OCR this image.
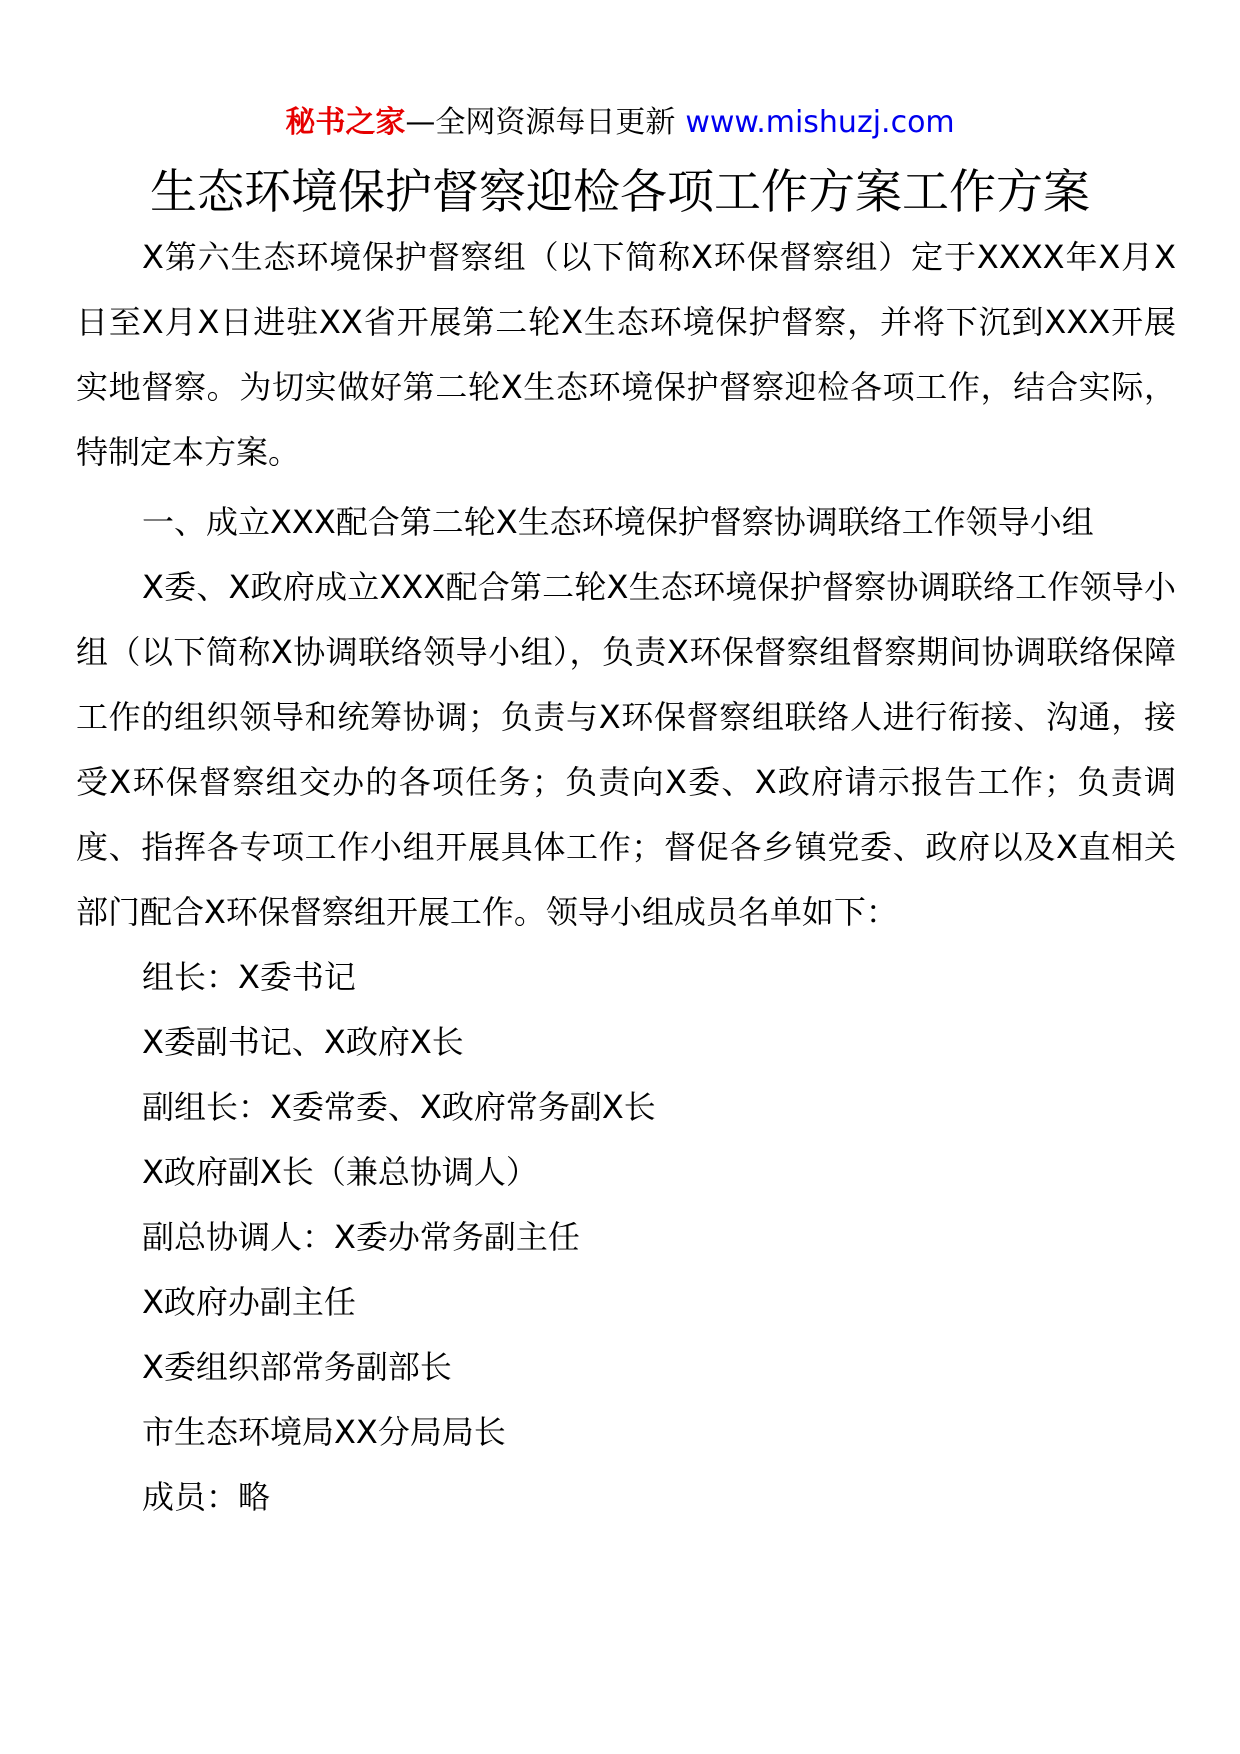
秘书之家—全网资源每日更新 www.mishuzj.com
生态环境保护督察迎检各项工作方案工作方案

X第六生态环境保护督察组（以下简称X环保督察组）定于XXXX年X月X日至X月X日进驻XX省开展第二轮X生态环境保护督察，并将下沉到XXX开展实地督察。为切实做好第二轮X生态环境保护督察迎检各项工作，结合实际，特制定本方案。

一、成立XXX配合第二轮X生态环境保护督察协调联络工作领导小组

X委、X政府成立XXX配合第二轮X生态环境保护督察协调联络工作领导小组（以下简称X协调联络领导小组），负责X环保督察组督察期间协调联络保障工作的组织领导和统筹协调；负责与X环保督察组联络人进行衔接、沟通，接受X环保督察组交办的各项任务；负责向X委、X政府请示报告工作；负责调度、指挥各专项工作小组开展具体工作；督促各乡镇党委、政府以及X直相关部门配合X环保督察组开展工作。领导小组成员名单如下：

组长：X委书记

X委副书记、X政府X长

副组长：X委常委、X政府常务副X长

X政府副X长（兼总协调人）

副总协调人：X委办常务副主任

X政府办副主任

X委组织部常务副部长

市生态环境局XX分局局长

成员：略
